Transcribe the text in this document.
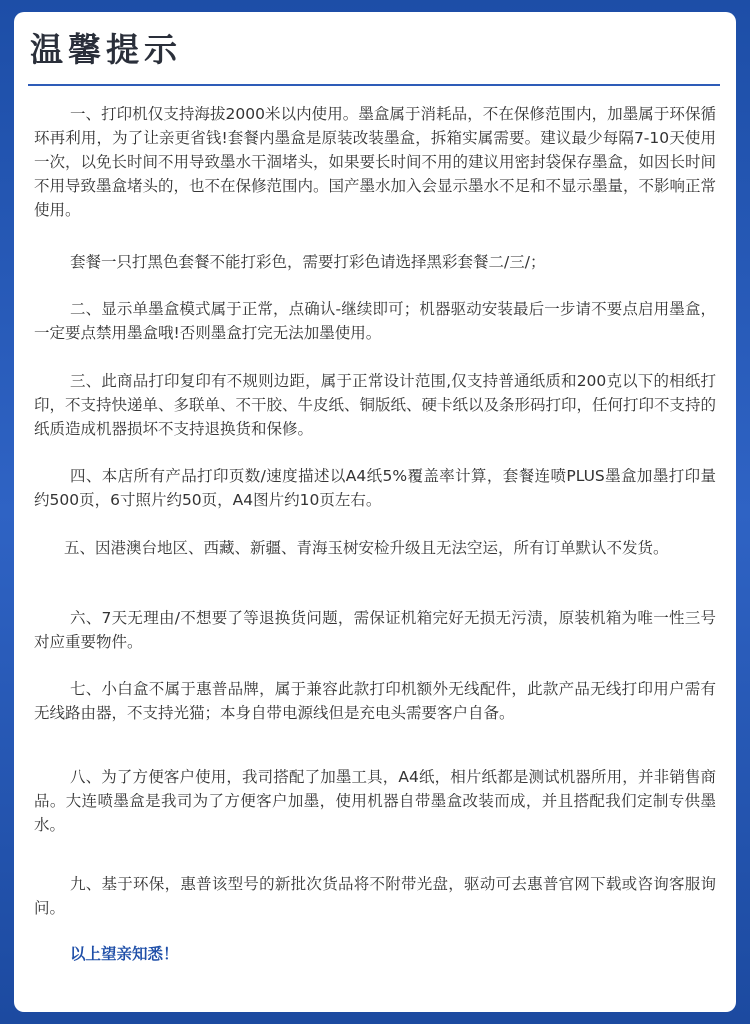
温馨提示

一、打印机仅支持海拔2000米以内使用。墨盒属于消耗品，不在保修范围内，加墨属于环保循环再利用，为了让亲更省钱!套餐内墨盒是原装改装墨盒，拆箱实属需要。建议最少每隔7-10天使用一次，以免长时间不用导致墨水干涸堵头，如果要长时间不用的建议用密封袋保存墨盒，如因长时间不用导致墨盒堵头的，也不在保修范围内。国产墨水加入会显示墨水不足和不显示墨量，不影响正常使用。

套餐一只打黑色套餐不能打彩色，需要打彩色请选择黑彩套餐二/三/；

二、显示单墨盒模式属于正常，点确认-继续即可；机器驱动安装最后一步请不要点启用墨盒，一定要点禁用墨盒哦!否则墨盒打完无法加墨使用。

三、此商品打印复印有不规则边距，属于正常设计范围,仅支持普通纸质和200克以下的相纸打印，不支持快递单、多联单、不干胶、牛皮纸、铜版纸、硬卡纸以及条形码打印，任何打印不支持的纸质造成机器损坏不支持退换货和保修。

四、本店所有产品打印页数/速度描述以A4纸5%覆盖率计算，套餐连喷PLUS墨盒加墨打印量约500页，6寸照片约50页，A4图片约10页左右。

五、因港澳台地区、西藏、新疆、青海玉树安检升级且无法空运，所有订单默认不发货。

六、7天无理由/不想要了等退换货问题，需保证机箱完好无损无污渍，原装机箱为唯一性三号对应重要物件。

七、小白盒不属于惠普品牌，属于兼容此款打印机额外无线配件，此款产品无线打印用户需有无线路由器，不支持光猫；本身自带电源线但是充电头需要客户自备。

八、为了方便客户使用，我司搭配了加墨工具，A4纸，相片纸都是测试机器所用，并非销售商品。大连喷墨盒是我司为了方便客户加墨，使用机器自带墨盒改装而成，并且搭配我们定制专供墨水。

九、基于环保，惠普该型号的新批次货品将不附带光盘，驱动可去惠普官网下载或咨询客服询问。

以上望亲知悉！
